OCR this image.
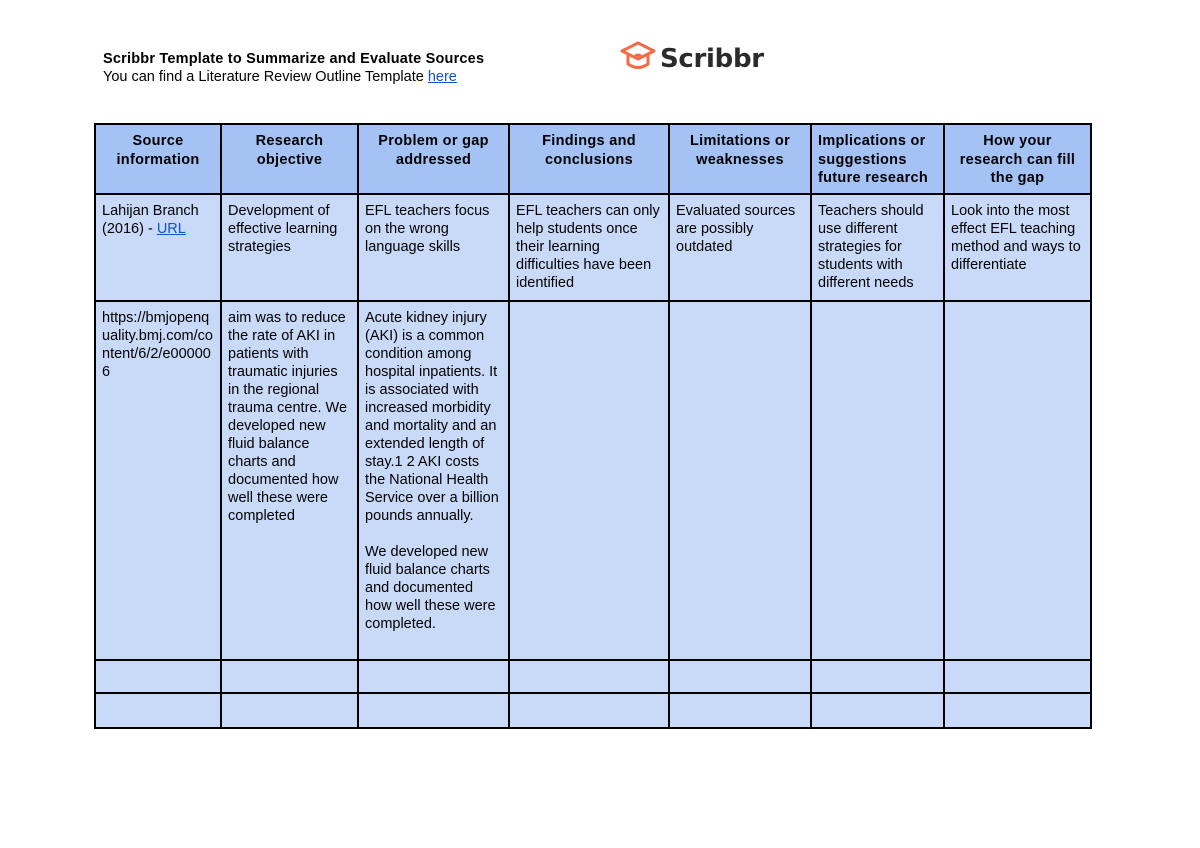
Scribbr Template to Summarize and Evaluate Sources
You can find a Literature Review Outline Template here
Scribbr
Source information	Research objective	Problem or gap addressed	Findings and conclusions	Limitations or weaknesses	Implications or suggestions future research	How your research can fill the gap
Lahijan Branch (2016) - URL	Development of effective learning strategies	EFL teachers focus on the wrong language skills	EFL teachers can only help students once their learning difficulties have been identified	Evaluated sources are possibly outdated	Teachers should use different strategies for students with different needs	Look into the most effect EFL teaching method and ways to differentiate
https://bmjopenquality.bmj.com/content/6/2/e000006	aim was to reduce the rate of AKI in patients with traumatic injuries in the regional trauma centre. We developed new fluid balance charts and documented how well these were completed	Acute kidney injury (AKI) is a common condition among hospital inpatients. It is associated with increased morbidity and mortality and an extended length of stay.1 2 AKI costs the National Health Service over a billion pounds annually.

We developed new fluid balance charts and documented how well these were completed.				
